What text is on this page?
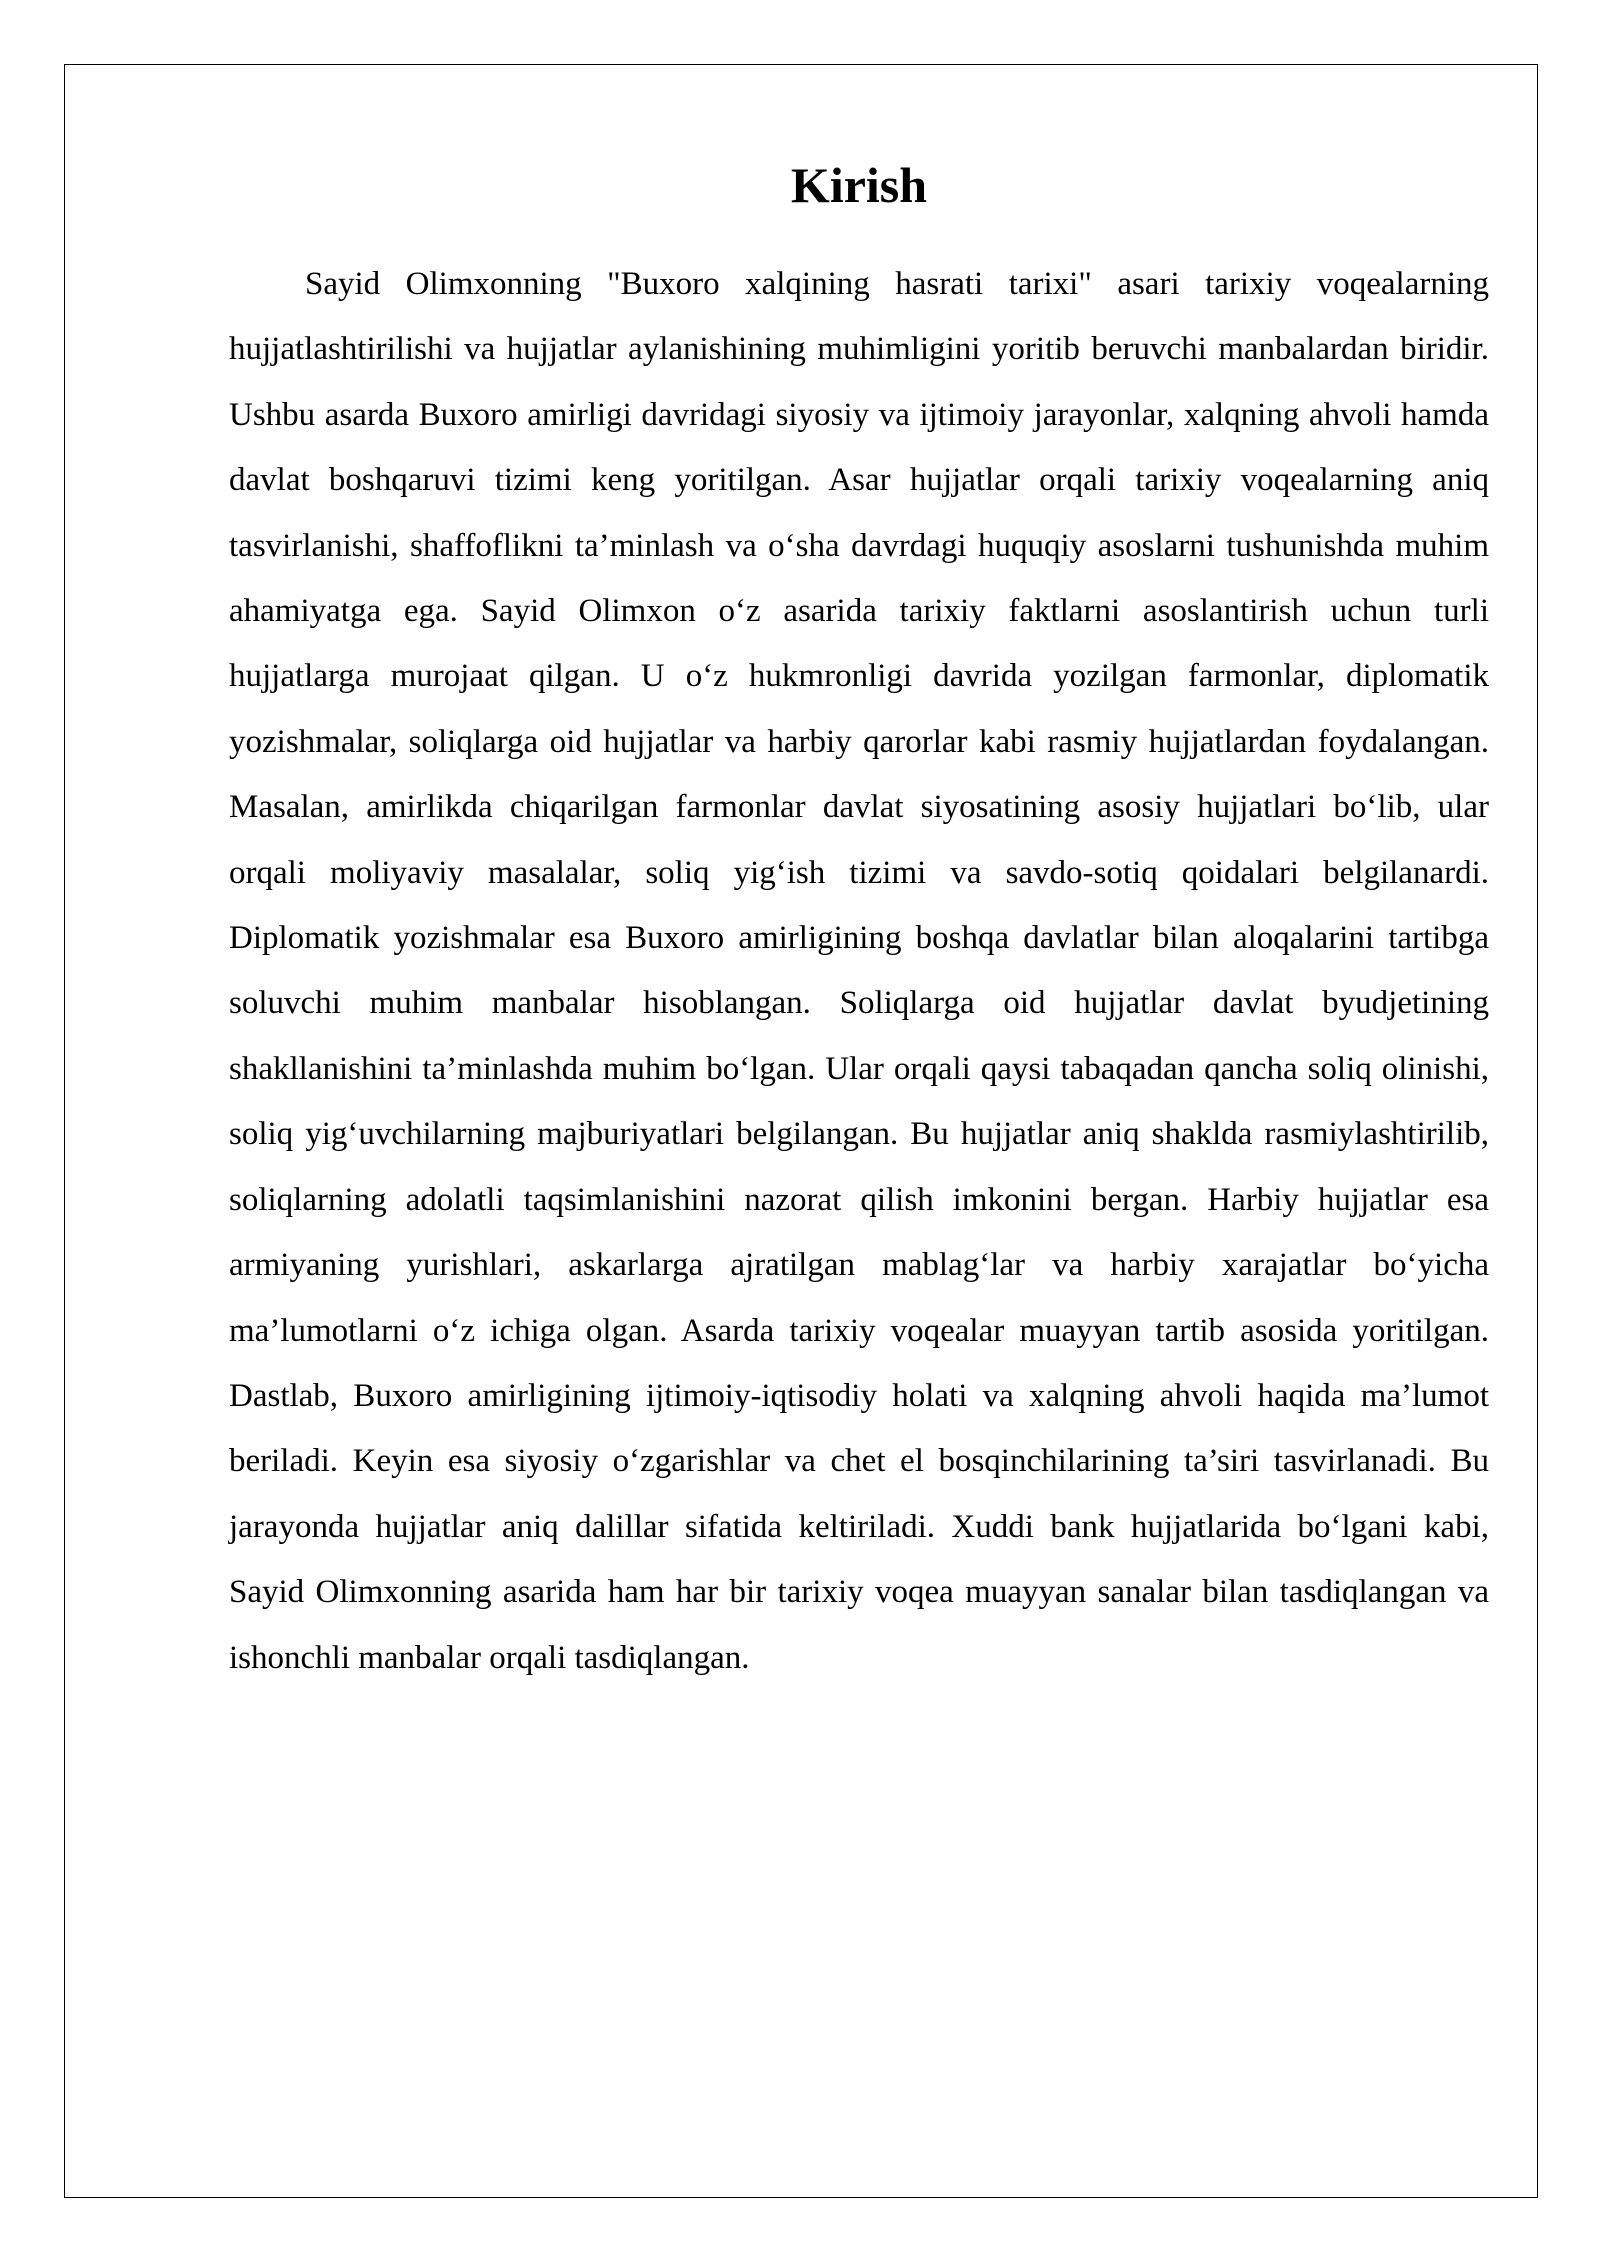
Kirish

Sayid Olimxonning "Buxoro xalqining hasrati tarixi" asari tarixiy voqealarning hujjatlashtirilishi va hujjatlar aylanishining muhimligini yoritib beruvchi manbalardan biridir. Ushbu asarda Buxoro amirligi davridagi siyosiy va ijtimoiy jarayonlar, xalqning ahvoli hamda davlat boshqaruvi tizimi keng yoritilgan. Asar hujjatlar orqali tarixiy voqealarning aniq tasvirlanishi, shaffoflikni ta’minlash va o‘sha davrdagi huquqiy asoslarni tushunishda muhim ahamiyatga ega. Sayid Olimxon o‘z asarida tarixiy faktlarni asoslantirish uchun turli hujjatlarga murojaat qilgan. U o‘z hukmronligi davrida yozilgan farmonlar, diplomatik yozishmalar, soliqlarga oid hujjatlar va harbiy qarorlar kabi rasmiy hujjatlardan foydalangan. Masalan, amirlikda chiqarilgan farmonlar davlat siyosatining asosiy hujjatlari bo‘lib, ular orqali moliyaviy masalalar, soliq yig‘ish tizimi va savdo-sotiq qoidalari belgilanardi. Diplomatik yozishmalar esa Buxoro amirligining boshqa davlatlar bilan aloqalarini tartibga soluvchi muhim manbalar hisoblangan. Soliqlarga oid hujjatlar davlat byudjetining shakllanishini ta’minlashda muhim bo‘lgan. Ular orqali qaysi tabaqadan qancha soliq olinishi, soliq yig‘uvchilarning majburiyatlari belgilangan. Bu hujjatlar aniq shaklda rasmiylashtirilib, soliqlarning adolatli taqsimlanishini nazorat qilish imkonini bergan. Harbiy hujjatlar esa armiyaning yurishlari, askarlarga ajratilgan mablag‘lar va harbiy xarajatlar bo‘yicha ma’lumotlarni o‘z ichiga olgan. Asarda tarixiy voqealar muayyan tartib asosida yoritilgan. Dastlab, Buxoro amirligining ijtimoiy-iqtisodiy holati va xalqning ahvoli haqida ma’lumot beriladi. Keyin esa siyosiy o‘zgarishlar va chet el bosqinchilarining ta’siri tasvirlanadi. Bu jarayonda hujjatlar aniq dalillar sifatida keltiriladi. Xuddi bank hujjatlarida bo‘lgani kabi, Sayid Olimxonning asarida ham har bir tarixiy voqea muayyan sanalar bilan tasdiqlangan va ishonchli manbalar orqali tasdiqlangan.
